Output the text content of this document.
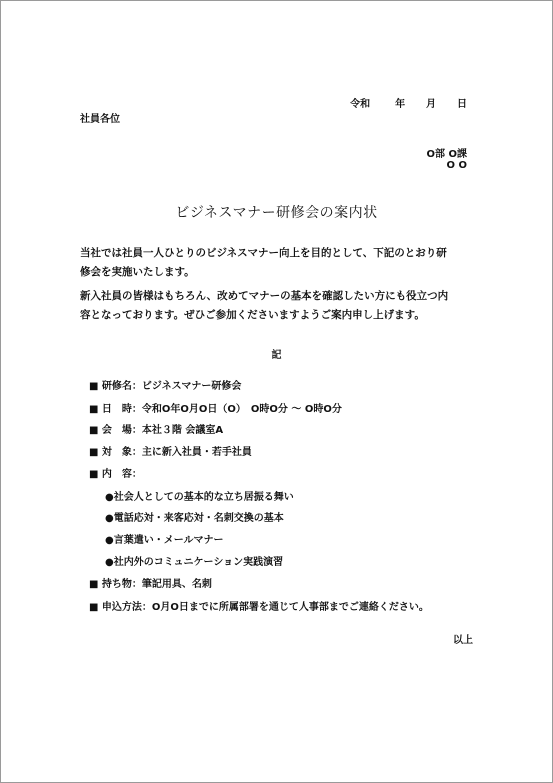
令和 年 月 日
社員各位
O部 O課
O O
ビジネスマナー研修会の案内状

当社では社員一人ひとりのビジネスマナー向上を目的として、下記のとおり研

修会を実施いたします。

新入社員の皆様はもちろん、改めてマナーの基本を確認したい方にも役立つ内

容となっております。ぜひご参加くださいますようご案内申し上げます。

記
■ 研修名：ビジネスマナー研修会
■ 日　時：令和O年O月O日（O）　O時O分 ～ O時O分
■ 会　場：本社３階 会議室A
■ 対　象：主に新入社員・若手社員
■ 内　容：
●社会人としての基本的な立ち居振る舞い
●電話応対・来客応対・名刺交換の基本
●言葉遣い・メールマナー
●社内外のコミュニケーション実践演習
■ 持ち物：筆記用具、名刺
■ 申込方法：O月O日までに所属部署を通じて人事部までご連絡ください。
以上
